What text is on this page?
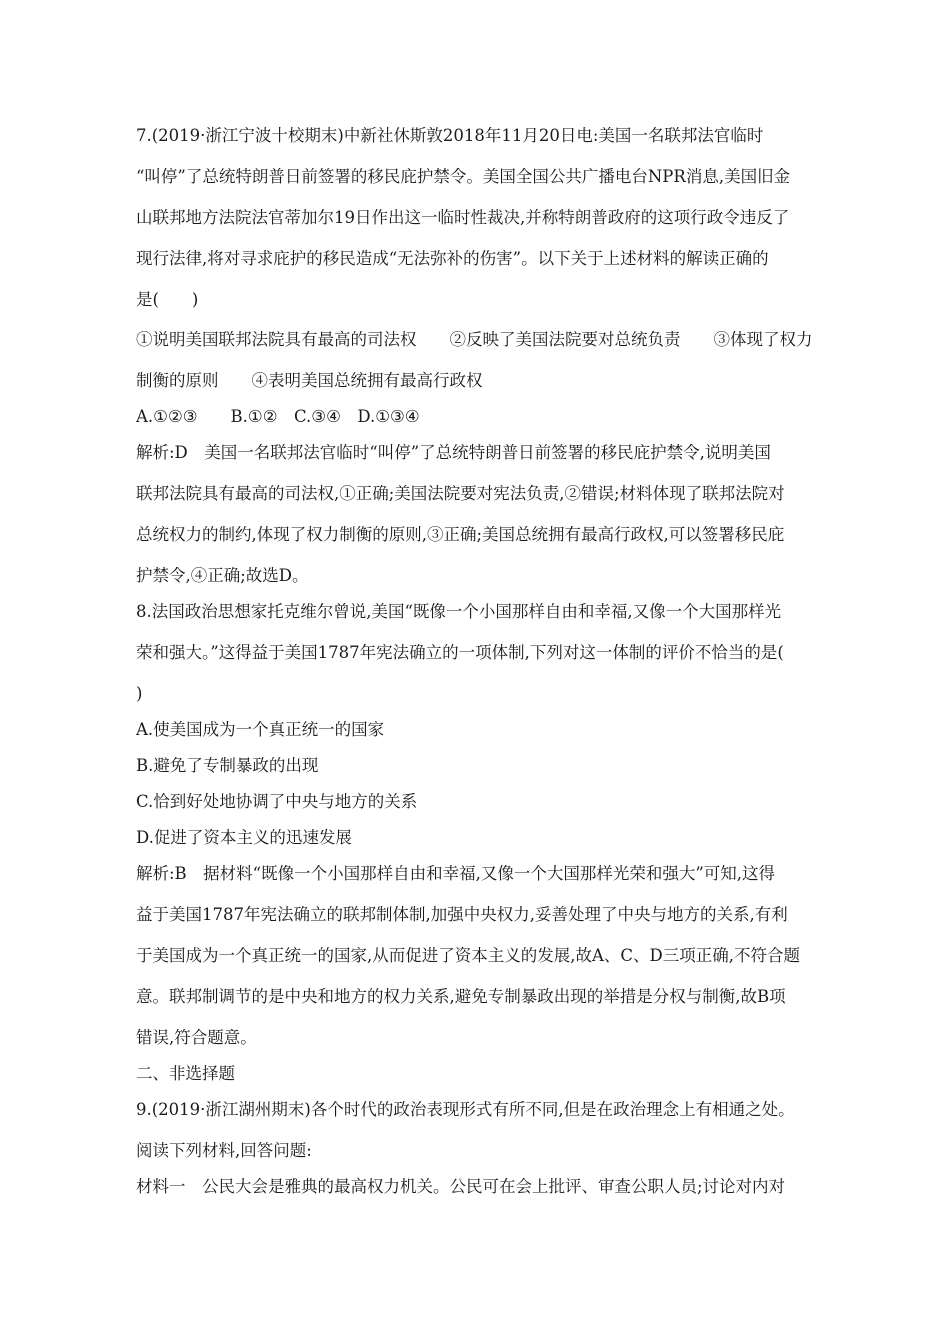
7.(2019·浙江宁波十校期末)中新社休斯敦2018年11月20日电:美国一名联邦法官临时
“叫停”了总统特朗普日前签署的移民庇护禁令。美国全国公共广播电台NPR消息,美国旧金
山联邦地方法院法官蒂加尔19日作出这一临时性裁决,并称特朗普政府的这项行政令违反了
现行法律,将对寻求庇护的移民造成“无法弥补的伤害”。以下关于上述材料的解读正确的
是(　　)
①说明美国联邦法院具有最高的司法权　　②反映了美国法院要对总统负责　　③体现了权力
制衡的原则　　④表明美国总统拥有最高行政权
A.①②③　　B.①②　C.③④　D.①③④
解析:D　美国一名联邦法官临时“叫停”了总统特朗普日前签署的移民庇护禁令,说明美国
联邦法院具有最高的司法权,①正确;美国法院要对宪法负责,②错误;材料体现了联邦法院对
总统权力的制约,体现了权力制衡的原则,③正确;美国总统拥有最高行政权,可以签署移民庇
护禁令,④正确;故选D。
8.法国政治思想家托克维尔曾说,美国“既像一个小国那样自由和幸福,又像一个大国那样光
荣和强大。”这得益于美国1787年宪法确立的一项体制,下列对这一体制的评价不恰当的是(
)
A.使美国成为一个真正统一的国家
B.避免了专制暴政的出现
C.恰到好处地协调了中央与地方的关系
D.促进了资本主义的迅速发展
解析:B　据材料“既像一个小国那样自由和幸福,又像一个大国那样光荣和强大”可知,这得
益于美国1787年宪法确立的联邦制体制,加强中央权力,妥善处理了中央与地方的关系,有利
于美国成为一个真正统一的国家,从而促进了资本主义的发展,故A、C、D三项正确,不符合题
意。联邦制调节的是中央和地方的权力关系,避免专制暴政出现的举措是分权与制衡,故B项
错误,符合题意。
二、非选择题
9.(2019·浙江湖州期末)各个时代的政治表现形式有所不同,但是在政治理念上有相通之处。
阅读下列材料,回答问题:
材料一　公民大会是雅典的最高权力机关。公民可在会上批评、审查公职人员;讨论对内对
